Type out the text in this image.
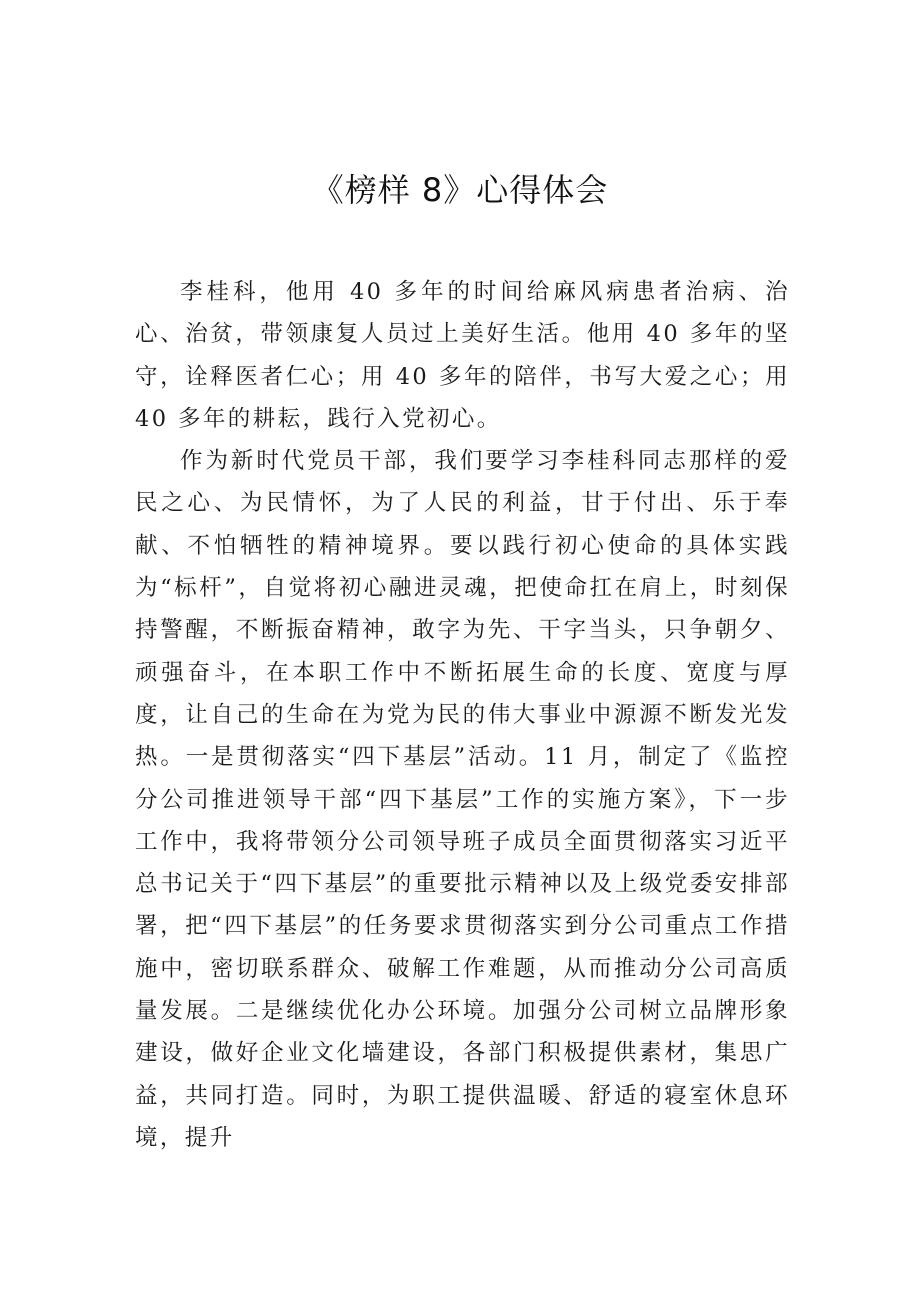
《榜样 8》心得体会

李桂科，他用 40 多年的时间给麻风病患者治病、治心、治贫，带领康复人员过上美好生活。他用 40 多年的坚守，诠释医者仁心；用 40 多年的陪伴，书写大爱之心；用 40 多年的耕耘，践行入党初心。

作为新时代党员干部，我们要学习李桂科同志那样的爱民之心、为民情怀，为了人民的利益，甘于付出、乐于奉献、不怕牺牲的精神境界。要以践行初心使命的具体实践为“标杆”，自觉将初心融进灵魂，把使命扛在肩上，时刻保持警醒，不断振奋精神，敢字为先、干字当头，只争朝夕、顽强奋斗，在本职工作中不断拓展生命的长度、宽度与厚度，让自己的生命在为党为民的伟大事业中源源不断发光发热。一是贯彻落实“四下基层”活动。11 月，制定了《监控分公司推进领导干部“四下基层”工作的实施方案》，下一步工作中，我将带领分公司领导班子成员全面贯彻落实习近平总书记关于“四下基层”的重要批示精神以及上级党委安排部署，把“四下基层”的任务要求贯彻落实到分公司重点工作措施中，密切联系群众、破解工作难题，从而推动分公司高质量发展。二是继续优化办公环境。加强分公司树立品牌形象建设，做好企业文化墙建设，各部门积极提供素材，集思广益，共同打造。同时，为职工提供温暖、舒适的寝室休息环境，提升
